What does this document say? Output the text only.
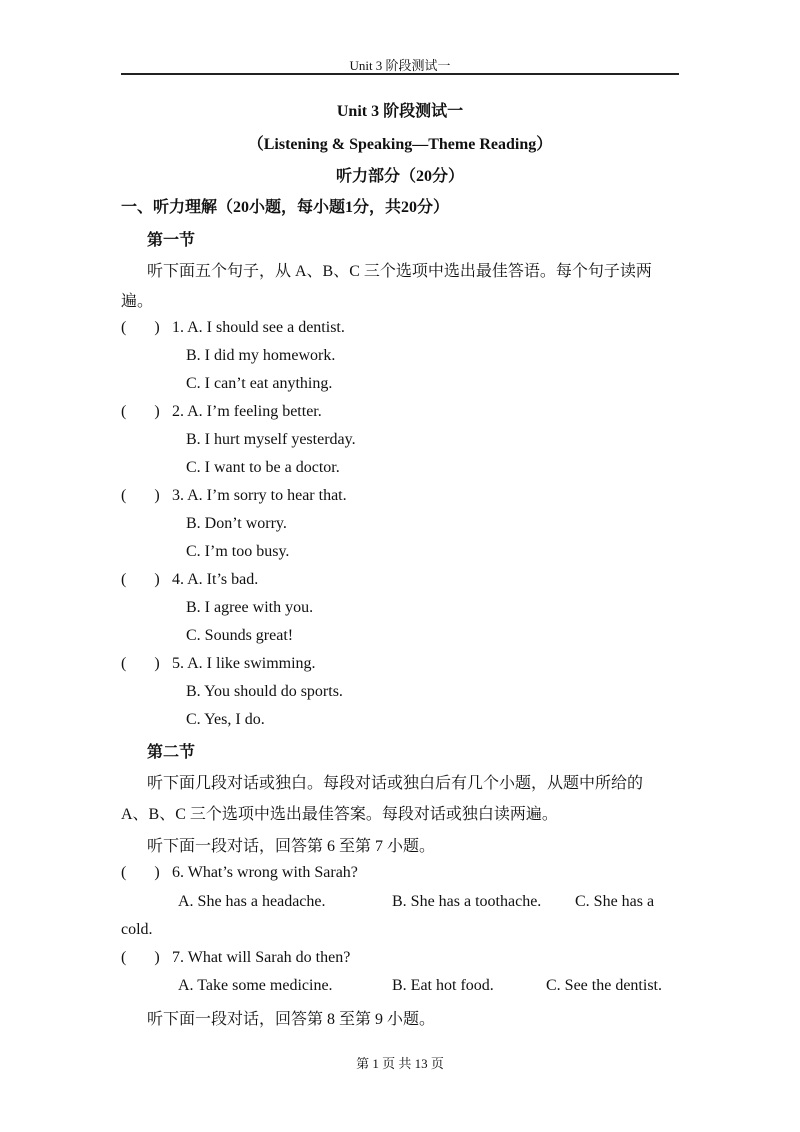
Unit 3 阶段测试一
Unit 3 阶段测试一
（Listening & Speaking—Theme Reading）
听力部分（20分）
一、听力理解（20小题，每小题1分，共20分）
第一节
听下面五个句子，从 A、B、C 三个选项中选出最佳答语。每个句子读两
遍。
(       ) 1. A. I should see a dentist.
B. I did my homework.
C. I can’t eat anything.
(       ) 2. A. I’m feeling better.
B. I hurt myself yesterday.
C. I want to be a doctor.
(       ) 3. A. I’m sorry to hear that.
B. Don’t worry.
C. I’m too busy.
(       ) 4. A. It’s bad.
B. I agree with you.
C. Sounds great!
(       ) 5. A. I like swimming.
B. You should do sports.
C. Yes, I do.
第二节
听下面几段对话或独白。每段对话或独白后有几个小题，从题中所给的
A、B、C 三个选项中选出最佳答案。每段对话或独白读两遍。
听下面一段对话，回答第 6 至第 7 小题。
(       ) 6. What’s wrong with Sarah?
A. She has a headache.	B. She has a toothache. C. She has a
cold.
(       ) 7. What will Sarah do then?
A. Take some medicine.	B. Eat hot food.	C. See the dentist.
听下面一段对话，回答第 8 至第 9 小题。
第 1 页 共 13 页
